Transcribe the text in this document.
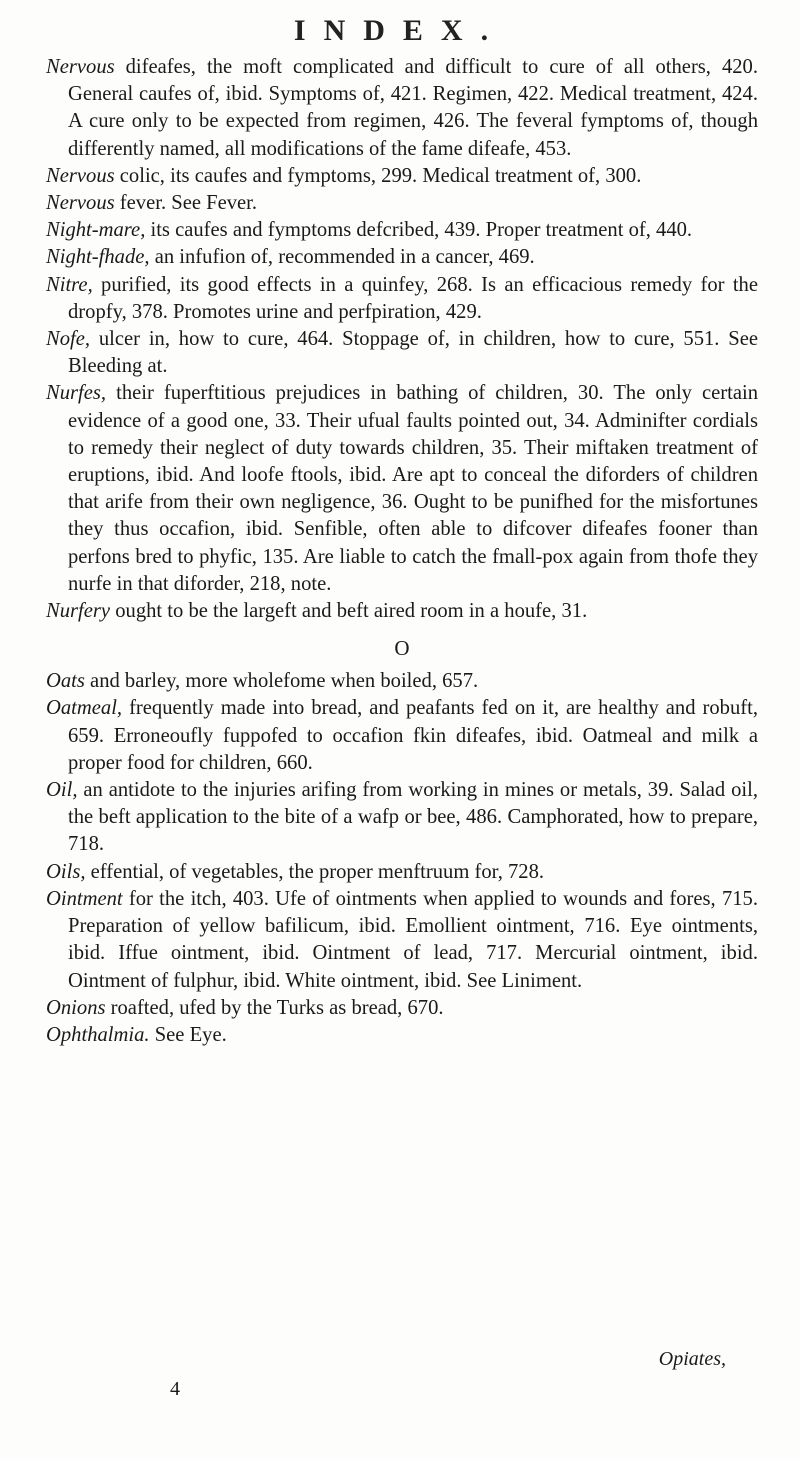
INDEX.

Nervous difeafes, the moft complicated and difficult to cure of all others, 420. General caufes of, ibid. Symptoms of, 421. Regimen, 422. Medical treatment, 424. A cure only to be expected from regimen, 426. The feveral fymptoms of, though differently named, all modifications of the fame difeafe, 453.

Nervous colic, its caufes and fymptoms, 299. Medical treatment of, 300.

Nervous fever. See Fever.

Night-mare, its caufes and fymptoms defcribed, 439. Proper treatment of, 440.

Night-fhade, an infufion of, recommended in a cancer, 469.

Nitre, purified, its good effects in a quinfey, 268. Is an efficacious remedy for the dropfy, 378. Promotes urine and perfpiration, 429.

Nofe, ulcer in, how to cure, 464. Stoppage of, in children, how to cure, 551. See Bleeding at.

Nurfes, their fuperftitious prejudices in bathing of children, 30. The only certain evidence of a good one, 33. Their ufual faults pointed out, 34. Adminifter cordials to remedy their neglect of duty towards children, 35. Their miftaken treatment of eruptions, ibid. And loofe ftools, ibid. Are apt to conceal the diforders of children that arife from their own negligence, 36. Ought to be punifhed for the misfortunes they thus occafion, ibid. Senfible, often able to difcover difeafes fooner than perfons bred to phyfic, 135. Are liable to catch the fmall-pox again from thofe they nurfe in that diforder, 218, note.

Nurfery ought to be the largeft and beft aired room in a houfe, 31.

O

Oats and barley, more wholefome when boiled, 657.

Oatmeal, frequently made into bread, and peafants fed on it, are healthy and robuft, 659. Erroneoufly fuppofed to occafion fkin difeafes, ibid. Oatmeal and milk a proper food for children, 660.

Oil, an antidote to the injuries arifing from working in mines or metals, 39. Salad oil, the beft application to the bite of a wafp or bee, 486. Camphorated, how to prepare, 718.

Oils, effential, of vegetables, the proper menftruum for, 728.

Ointment for the itch, 403. Ufe of ointments when applied to wounds and fores, 715. Preparation of yellow bafilicum, ibid. Emollient ointment, 716. Eye ointments, ibid. Iffue ointment, ibid. Ointment of lead, 717. Mercurial ointment, ibid. Ointment of fulphur, ibid. White ointment, ibid. See Liniment.

Onions roafted, ufed by the Turks as bread, 670.

Ophthalmia. See Eye.

Opiates,
4
